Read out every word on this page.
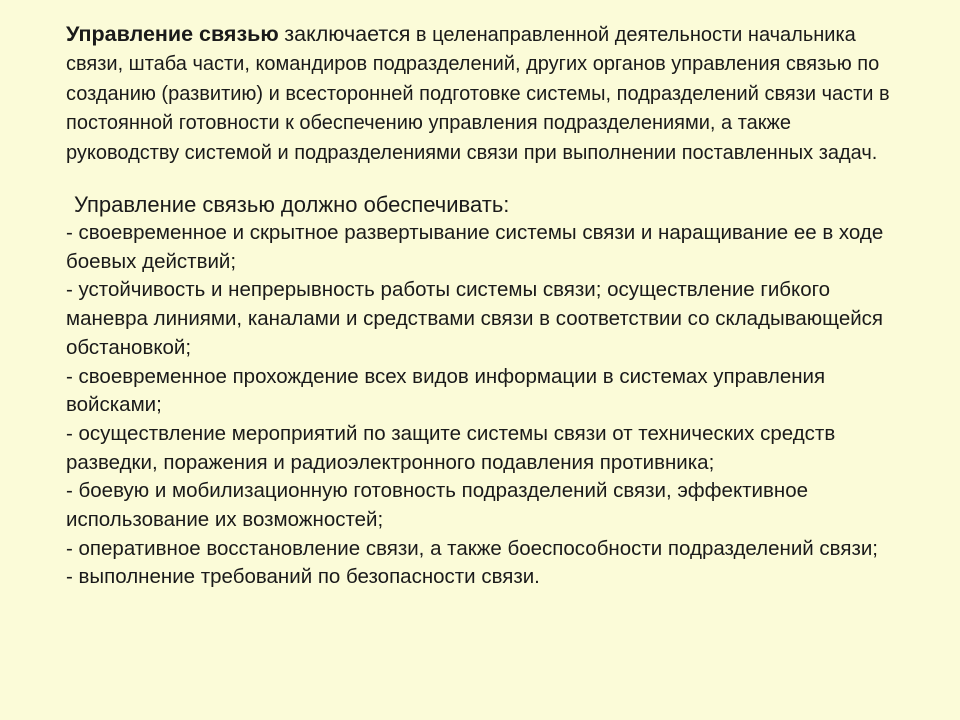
Управление связью заключается в целенаправленной деятельности начальника связи, штаба части, командиров подразделений, других органов управления связью по созданию (развитию) и всесторонней подготовке системы, подразделений связи части в постоянной готовности к обеспечению управления подразделениями, а также руководству системой и подразделениями связи при выполнении поставленных задач.

Управление связью должно обеспечивать:

- своевременное и скрытное развертывание системы связи и наращивание ее в ходе боевых действий;
- устойчивость и непрерывность работы системы связи; осуществление гибкого маневра линиями, каналами и средствами связи в соответствии со складывающейся обстановкой;
- своевременное прохождение всех видов информации в системах управления войсками;
- осуществление мероприятий по защите системы связи от технических средств разведки, поражения и радиоэлектронного подавления противника;
- боевую и мобилизационную готовность подразделений связи, эффективное использование их возможностей;
- оперативное восстановление связи, а также боеспособности подразделений связи;
- выполнение требований по безопасности связи.
